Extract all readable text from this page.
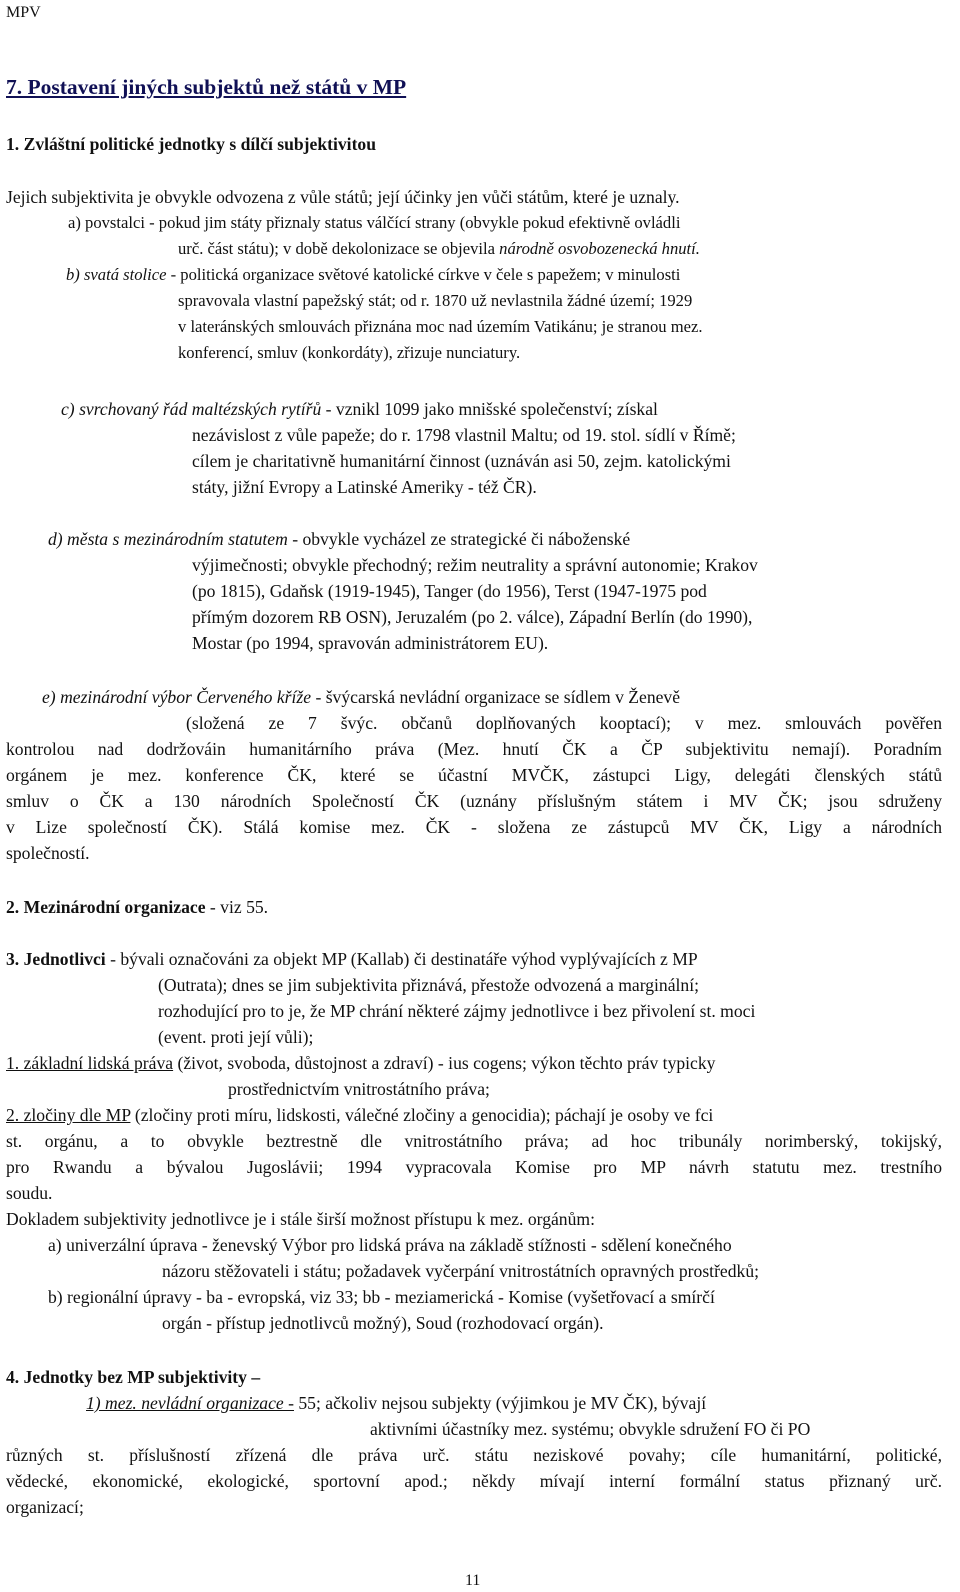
MPV
7. Postavení jiných subjektů než států v MP
1. Zvláštní politické jednotky s dílčí subjektivitou
Jejich subjektivita je obvykle odvozena z vůle států; její účinky jen vůči státům, které je uznaly.
a) povstalci - pokud jim státy přiznaly status válčící strany (obvykle pokud efektivně ovládli
urč. část státu); v době dekolonizace se objevila národně osvobozenecká hnutí.
b) svatá stolice - politická organizace světové katolické církve v čele s papežem; v minulosti
spravovala vlastní papežský stát; od r. 1870 už nevlastnila žádné území; 1929
v lateránských smlouvách přiznána moc nad územím Vatikánu; je stranou mez.
konferencí, smluv (konkordáty), zřizuje nunciatury.
c) svrchovaný řád maltézských rytířů - vznikl 1099 jako mnišské společenství; získal
nezávislost z vůle papeže; do r. 1798 vlastnil Maltu; od 19. stol. sídlí v Římě;
cílem je charitativně humanitární činnost (uznáván asi 50, zejm. katolickými
státy, jižní Evropy a Latinské Ameriky - též ČR).
d) města s mezinárodním statutem - obvykle vycházel ze strategické či náboženské
výjimečnosti; obvykle přechodný; režim neutrality a správní autonomie; Krakov
(po 1815), Gdaňsk (1919-1945), Tanger (do 1956), Terst (1947-1975 pod
přímým dozorem RB OSN), Jeruzalém (po 2. válce), Západní Berlín (do 1990),
Mostar (po 1994, spravován administrátorem EU).
e) mezinárodní výbor Červeného kříže - švýcarská nevládní organizace se sídlem v Ženevě
(složená ze 7 švýc. občanů doplňovaných kooptací); v mez. smlouvách pověřen
kontrolou nad dodržováin humanitárního práva (Mez. hnutí ČK a ČP subjektivitu nemají). Poradním
orgánem je mez. konference ČK, které se účastní MVČK, zástupci Ligy, delegáti členských států
smluv o ČK a 130 národních Společností ČK (uznány příslušným státem i MV ČK; jsou sdruženy
v Lize společností ČK). Stálá komise mez. ČK - složena ze zástupců MV ČK, Ligy a národních
společností.
2. Mezinárodní organizace - viz 55.
3. Jednotlivci - bývali označováni za objekt MP (Kallab) či destinatáře výhod vyplývajících z MP
(Outrata); dnes se jim subjektivita přiznává, přestože odvozená a marginální;
rozhodující pro to je, že MP chrání některé zájmy jednotlivce i bez přivolení st. moci
(event. proti její vůli);
1. základní lidská práva (život, svoboda, důstojnost a zdraví) - ius cogens; výkon těchto práv typicky
prostřednictvím vnitrostátního práva;
2. zločiny dle MP (zločiny proti míru, lidskosti, válečné zločiny a genocidia); páchají je osoby ve fci
st. orgánu, a to obvykle beztrestně dle vnitrostátního práva; ad hoc tribunály norimberský, tokijský,
pro Rwandu a bývalou Jugoslávii; 1994 vypracovala Komise pro MP návrh statutu mez. trestního
soudu.
Dokladem subjektivity jednotlivce je i stále širší možnost přístupu k mez. orgánům:
a) univerzální úprava - ženevský Výbor pro lidská práva na základě stížnosti - sdělení konečného
názoru stěžovateli i státu; požadavek vyčerpání vnitrostátních opravných prostředků;
b) regionální úpravy - ba - evropská, viz 33; bb - meziamerická - Komise (vyšetřovací a smírčí
orgán - přístup jednotlivců možný), Soud (rozhodovací orgán).
4. Jednotky bez MP subjektivity –
1) mez. nevládní organizace - 55; ačkoliv nejsou subjekty (výjimkou je MV ČK), bývají
aktivními účastníky mez. systému; obvykle sdružení FO či PO
různých st. příslušností zřízená dle práva urč. státu neziskové povahy; cíle humanitární, politické,
vědecké, ekonomické, ekologické, sportovní apod.; někdy mívají interní formální status přiznaný urč.
organizací;
11
